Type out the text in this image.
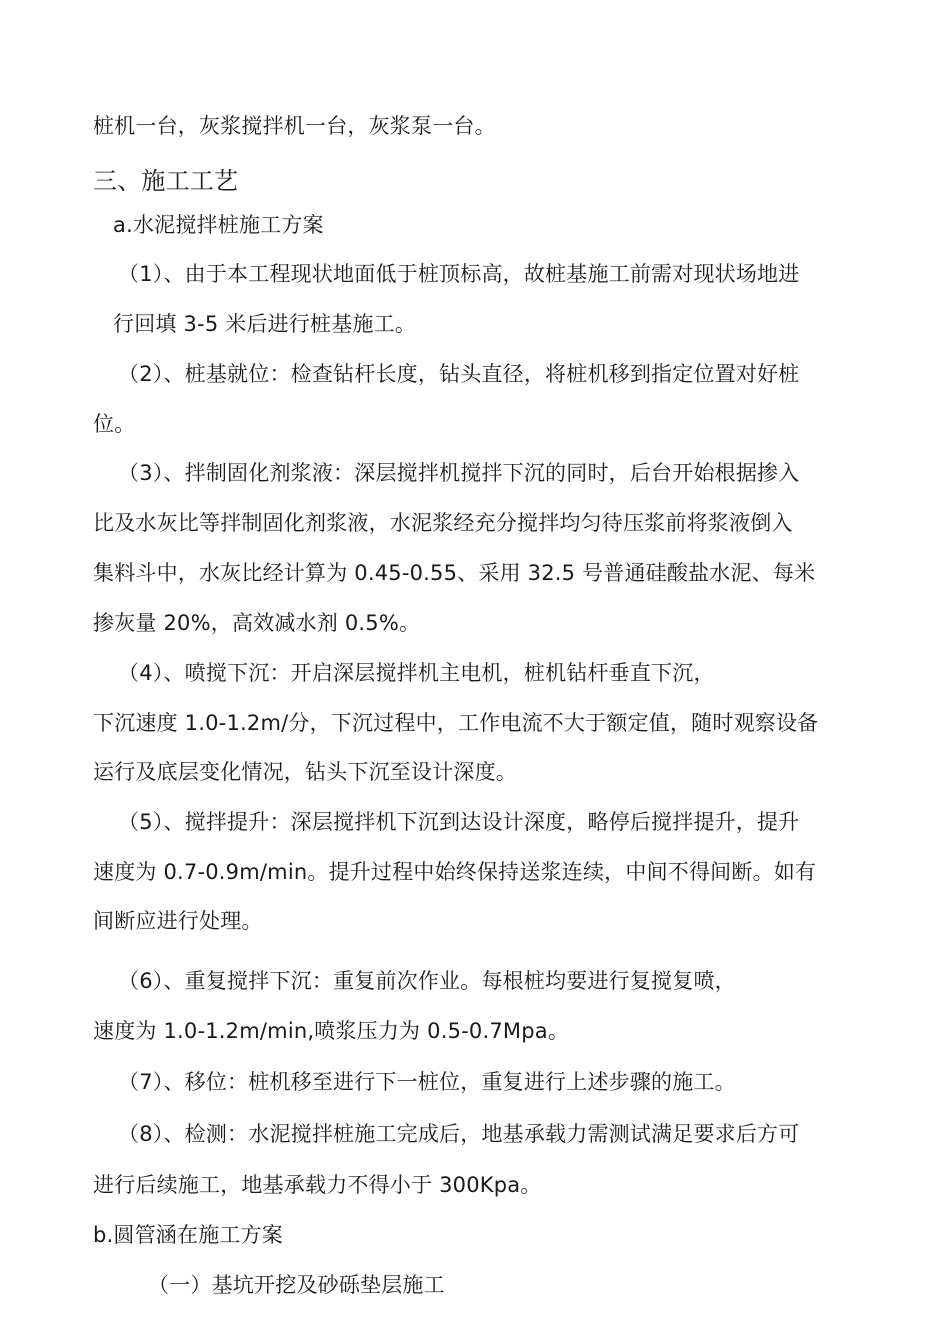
桩机一台，灰浆搅拌机一台，灰浆泵一台。

三、施工工艺

a.水泥搅拌桩施工方案

（1）、由于本工程现状地面低于桩顶标高，故桩基施工前需对现状场地进

行回填 3-5 米后进行桩基施工。

（2）、桩基就位：检查钻杆长度，钻头直径，将桩机移到指定位置对好桩

位。

（3）、拌制固化剂浆液：深层搅拌机搅拌下沉的同时，后台开始根据掺入

比及水灰比等拌制固化剂浆液，水泥浆经充分搅拌均匀待压浆前将浆液倒入

集料斗中，水灰比经计算为 0.45-0.55、采用 32.5 号普通硅酸盐水泥、每米

掺灰量 20%，高效减水剂 0.5%。

（4）、喷搅下沉：开启深层搅拌机主电机，桩机钻杆垂直下沉，

下沉速度 1.0-1.2m/分，下沉过程中，工作电流不大于额定值，随时观察设备

运行及底层变化情况，钻头下沉至设计深度。

（5）、搅拌提升：深层搅拌机下沉到达设计深度，略停后搅拌提升，提升

速度为 0.7-0.9m/min。提升过程中始终保持送浆连续，中间不得间断。如有

间断应进行处理。

（6）、重复搅拌下沉：重复前次作业。每根桩均要进行复搅复喷，

速度为 1.0-1.2m/min,喷浆压力为 0.5-0.7Mpa。

（7）、移位：桩机移至进行下一桩位，重复进行上述步骤的施工。

（8）、检测：水泥搅拌桩施工完成后，地基承载力需测试满足要求后方可

进行后续施工，地基承载力不得小于 300Kpa。

b.圆管涵在施工方案

（一）基坑开挖及砂砾垫层施工
